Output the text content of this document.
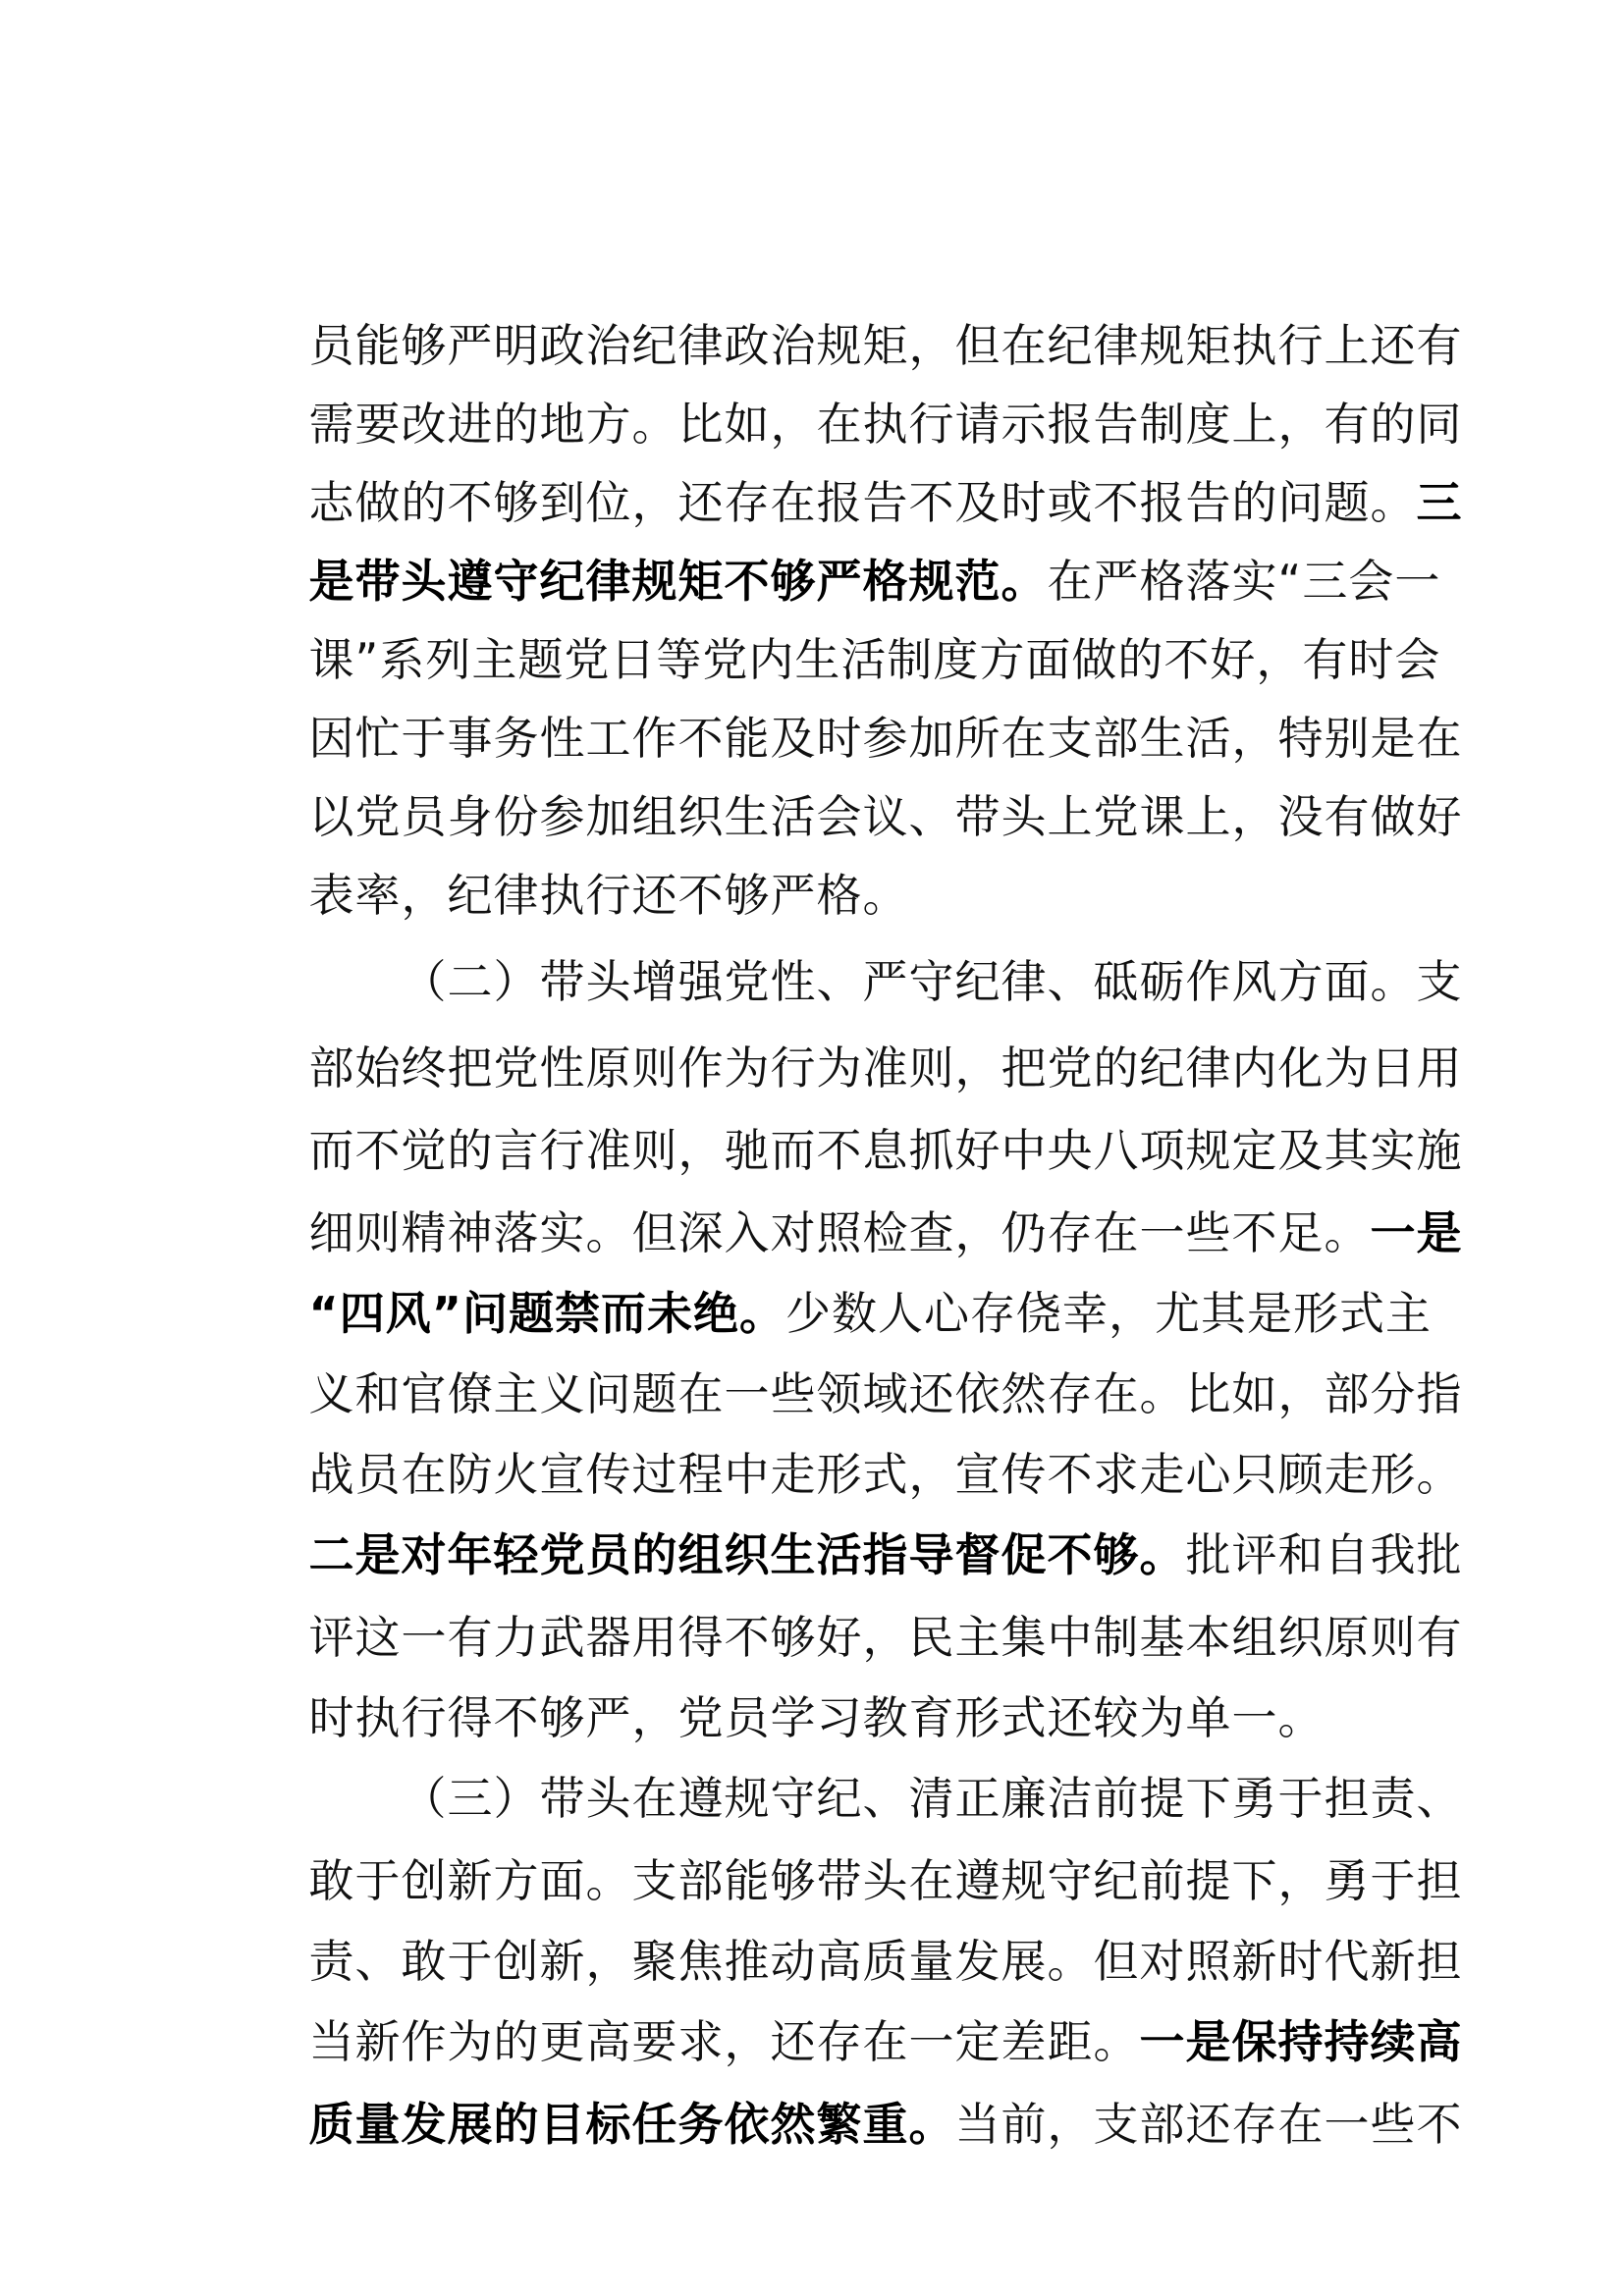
员能够严明政治纪律政治规矩，但在纪律规矩执行上还有

需要改进的地方。比如，在执行请示报告制度上，有的同

志做的不够到位，还存在报告不及时或不报告的问题。三

是带头遵守纪律规矩不够严格规范。在严格落实“三会一

课”系列主题党日等党内生活制度方面做的不好，有时会

因忙于事务性工作不能及时参加所在支部生活，特别是在

以党员身份参加组织生活会议、带头上党课上，没有做好

表率，纪律执行还不够严格。

（二）带头增强党性、严守纪律、砥砺作风方面。支

部始终把党性原则作为行为准则，把党的纪律内化为日用

而不觉的言行准则，驰而不息抓好中央八项规定及其实施

细则精神落实。但深入对照检查，仍存在一些不足。一是

“四风”问题禁而未绝。少数人心存侥幸，尤其是形式主

义和官僚主义问题在一些领域还依然存在。比如，部分指

战员在防火宣传过程中走形式，宣传不求走心只顾走形。

二是对年轻党员的组织生活指导督促不够。批评和自我批

评这一有力武器用得不够好，民主集中制基本组织原则有

时执行得不够严，党员学习教育形式还较为单一。

（三）带头在遵规守纪、清正廉洁前提下勇于担责、

敢于创新方面。支部能够带头在遵规守纪前提下，勇于担

责、敢于创新，聚焦推动高质量发展。但对照新时代新担

当新作为的更高要求，还存在一定差距。一是保持持续高

质量发展的目标任务依然繁重。当前，支部还存在一些不
